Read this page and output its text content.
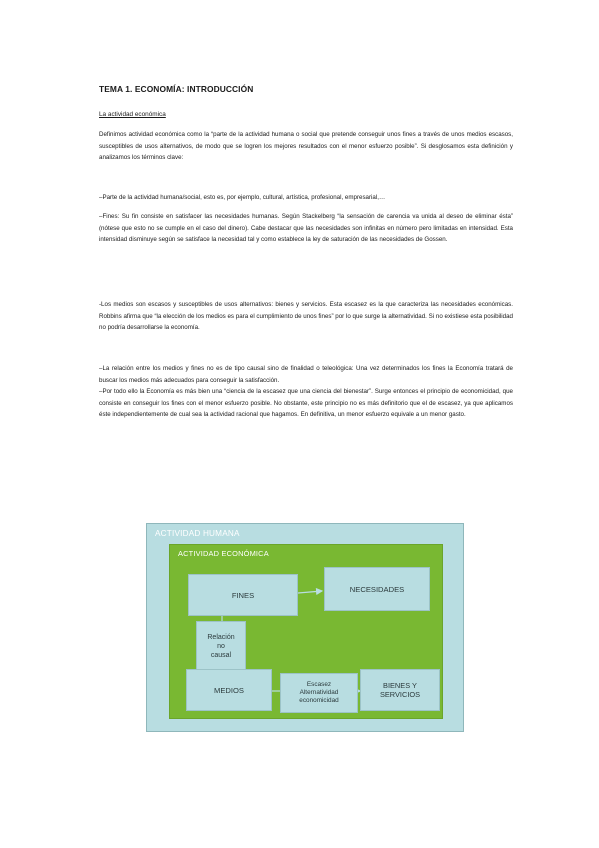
TEMA 1. ECONOMÍA: INTRODUCCIÓN
La actividad económica
Definimos actividad económica como la “parte de la actividad humana o social que pretende conseguir unos fines a través de unos medios escasos, susceptibles de usos alternativos, de modo que se logren los mejores resultados con el menor esfuerzo posible”. Si desglosamos esta definición y analizamos los términos clave:
–Parte de la actividad humana/social, esto es, por ejemplo, cultural, artística, profesional, empresarial,…
–Fines: Su fin consiste en satisfacer las necesidades humanas. Según Stackelberg “la sensación de carencia va unida al deseo de eliminar ésta” (nótese que esto no se cumple en el caso del dinero). Cabe destacar que las necesidades son infinitas en número pero limitadas en intensidad. Esta intensidad disminuye según se satisface la necesidad tal y como establece la ley de saturación de las necesidades de Gossen.
-Los medios son escasos y susceptibles de usos alternativos: bienes y servicios. Esta escasez es la que caracteriza las necesidades económicas. Robbins afirma que “la elección de los medios es para el cumplimiento de unos fines” por lo que surge la alternatividad. Si no existiese esta posibilidad no podría desarrollarse la economía.
–La relación entre los medios y fines no es de tipo causal sino de finalidad o teleológica: Una vez determinados los fines la Economía tratará de buscar los medios más adecuados para conseguir la satisfacción.
–Por todo ello la Economía es más bien una “ciencia de la escasez que una ciencia del bienestar”. Surge entonces el principio de economicidad, que consiste en conseguir los fines con el menor esfuerzo posible. No obstante, este principio no es más definitorio que el de escasez, ya que aplicamos éste independientemente de cual sea la actividad racional que hagamos. En definitiva, un menor esfuerzo equivale a un menor gasto.
ACTIVIDAD HUMANA
ACTIVIDAD ECONÓMICA
FINES
NECESIDADES
Relación
no
causal
MEDIOS
Escasez
Alternatividad
economicidad
BIENES Y
SERVICIOS
